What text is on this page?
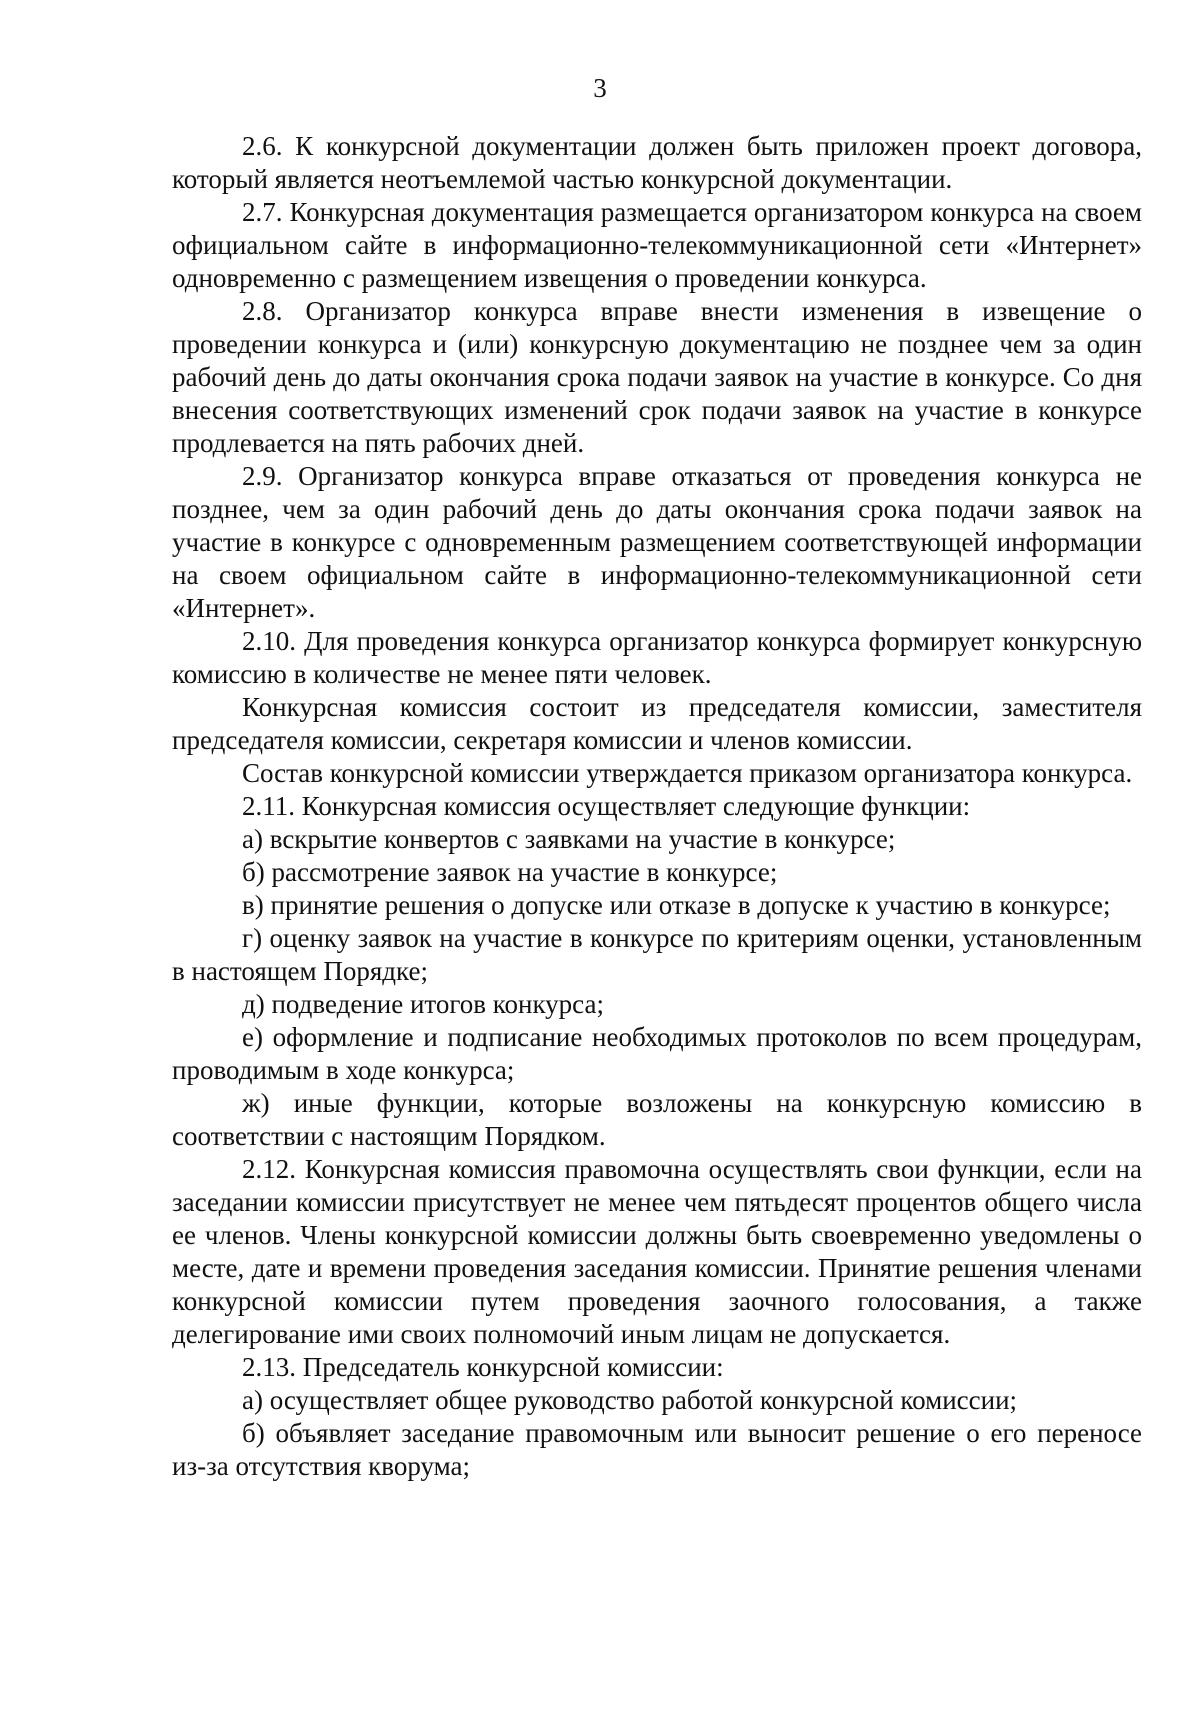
3

2.6. К конкурсной документации должен быть приложен проект договора, который является неотъемлемой частью конкурсной документации.

2.7. Конкурсная документация размещается организатором конкурса на своем официальном сайте в информационно-телекоммуникационной сети «Интернет» одновременно с размещением извещения о проведении конкурса.

2.8. Организатор конкурса вправе внести изменения в извещение о проведении конкурса и (или) конкурсную документацию не позднее чем за один рабочий день до даты окончания срока подачи заявок на участие в конкурсе. Со дня внесения соответствующих изменений срок подачи заявок на участие в конкурсе продлевается на пять рабочих дней.

2.9. Организатор конкурса вправе отказаться от проведения конкурса не позднее, чем за один рабочий день до даты окончания срока подачи заявок на участие в конкурсе с одновременным размещением соответствующей информации на своем официальном сайте в информационно-телекоммуникационной сети «Интернет».

2.10. Для проведения конкурса организатор конкурса формирует конкурсную комиссию в количестве не менее пяти человек.

Конкурсная комиссия состоит из председателя комиссии, заместителя председателя комиссии, секретаря комиссии и членов комиссии.

Состав конкурсной комиссии утверждается приказом организатора конкурса.

2.11. Конкурсная комиссия осуществляет следующие функции:

а) вскрытие конвертов с заявками на участие в конкурсе;

б) рассмотрение заявок на участие в конкурсе;

в) принятие решения о допуске или отказе в допуске к участию в конкурсе;

г) оценку заявок на участие в конкурсе по критериям оценки, установленным в настоящем Порядке;

д) подведение итогов конкурса;

е) оформление и подписание необходимых протоколов по всем процедурам, проводимым в ходе конкурса;

ж) иные функции, которые возложены на конкурсную комиссию в соответствии с настоящим Порядком.

2.12. Конкурсная комиссия правомочна осуществлять свои функции, если на заседании комиссии присутствует не менее чем пятьдесят процентов общего числа ее членов. Члены конкурсной комиссии должны быть своевременно уведомлены о месте, дате и времени проведения заседания комиссии. Принятие решения членами конкурсной комиссии путем проведения заочного голосования, а также делегирование ими своих полномочий иным лицам не допускается.

2.13. Председатель конкурсной комиссии:

а) осуществляет общее руководство работой конкурсной комиссии;

б) объявляет заседание правомочным или выносит решение о его переносе из-за отсутствия кворума;
